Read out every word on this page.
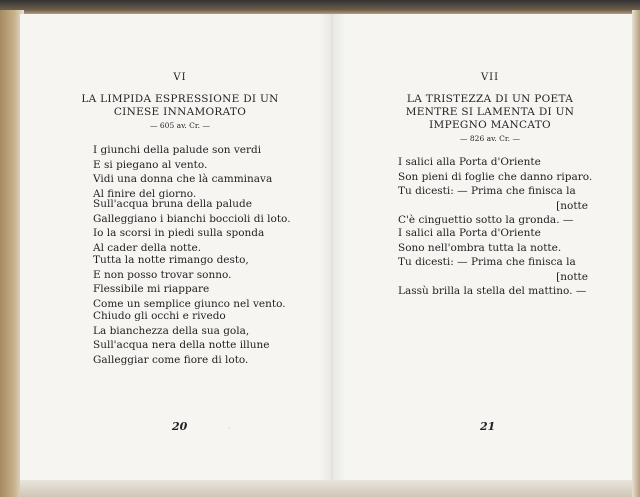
VI
LA LIMPIDA ESPRESSIONE DI UN CINESE INNAMORATO
— 605 av. Cr. —
I giunchi della palude son verdi
E si piegano al vento.
Vidi una donna che là camminava
Al finire del giorno.
Sull'acqua bruna della palude
Galleggiano i bianchi boccioli di loto.
Io la scorsi in piedi sulla sponda
Al cader della notte.
Tutta la notte rimango desto,
E non posso trovar sonno.
Flessibile mi riappare
Come un semplice giunco nel vento.
Chiudo gli occhi e rivedo
La bianchezza della sua gola,
Sull'acqua nera della notte illune
Galleggiar come fiore di loto.
20	·
VII
LA TRISTEZZA DI UN POETA MENTRE SI LAMENTA DI UN IMPEGNO MANCATO
— 826 av. Cr. —
I salici alla Porta d'Oriente
Son pieni di foglie che danno riparo.
Tu dicesti: — Prima che finisca la
[notte
C'è cinguettio sotto la gronda. —
I salici alla Porta d'Oriente
Sono nell'ombra tutta la notte.
Tu dicesti: — Prima che finisca la
[notte
Lassù brilla la stella del mattino. —
21
